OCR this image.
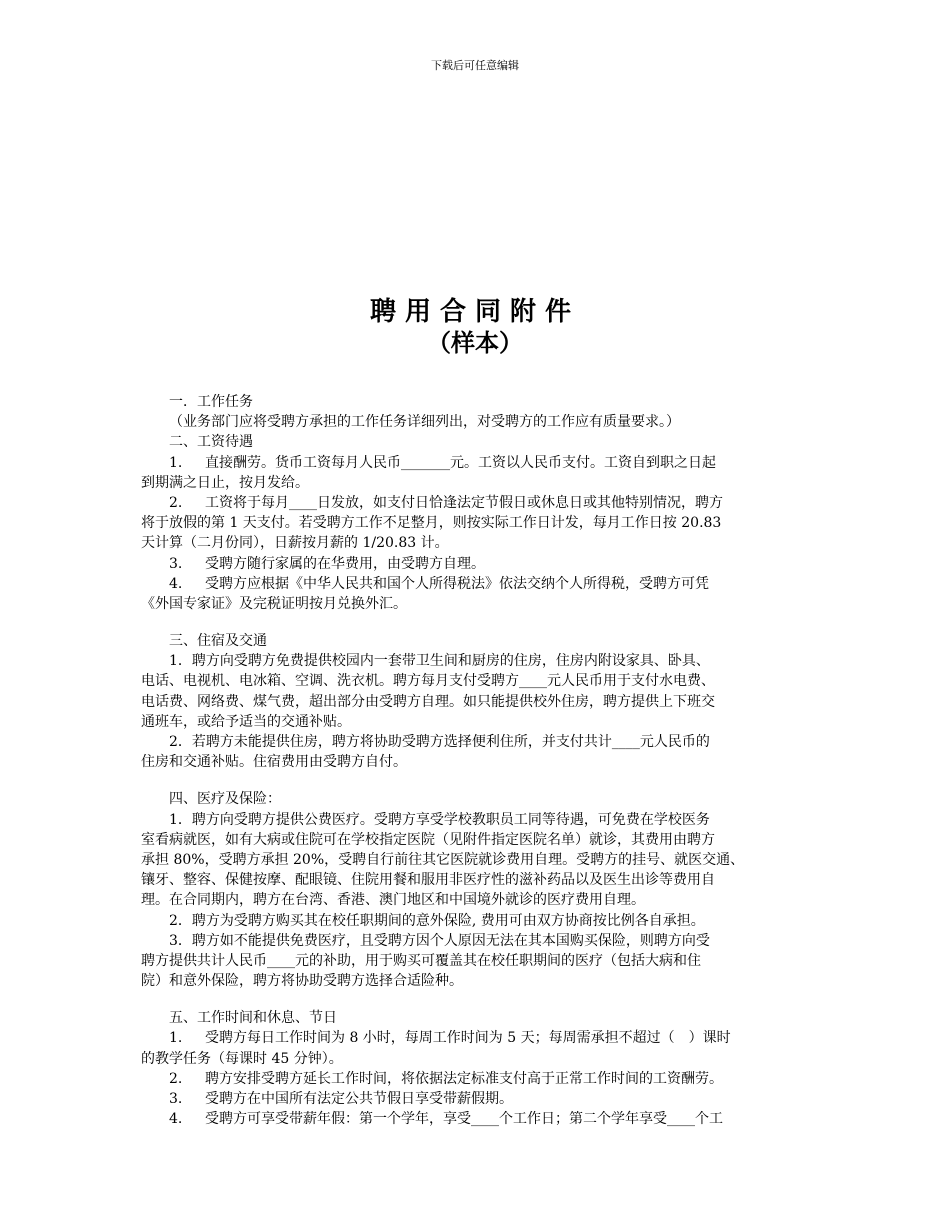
下载后可任意编辑
聘用合同附件
（样本）
一．工作任务
（业务部门应将受聘方承担的工作任务详细列出，对受聘方的工作应有质量要求。）
二、工资待遇
1. 直接酬劳。货币工资每月人民币_______元。工资以人民币支付。工资自到职之日起
到期满之日止，按月发给。
2. 工资将于每月____日发放，如支付日恰逢法定节假日或休息日或其他特别情况，聘方
将于放假的第 1 天支付。若受聘方工作不足整月，则按实际工作日计发，每月工作日按 20.83
天计算（二月份同），日薪按月薪的 1/20.83 计。
3. 受聘方随行家属的在华费用，由受聘方自理。
4. 受聘方应根据《中华人民共和国个人所得税法》依法交纳个人所得税，受聘方可凭
《外国专家证》及完税证明按月兑换外汇。
三、住宿及交通
1．聘方向受聘方免费提供校园内一套带卫生间和厨房的住房，住房内附设家具、卧具、
电话、电视机、电冰箱、空调、洗衣机。聘方每月支付受聘方____元人民币用于支付水电费、
电话费、网络费、煤气费，超出部分由受聘方自理。如只能提供校外住房，聘方提供上下班交
通班车，或给予适当的交通补贴。
2．若聘方未能提供住房，聘方将协助受聘方选择便利住所，并支付共计____元人民币的
住房和交通补贴。住宿费用由受聘方自付。
四、医疗及保险：
1．聘方向受聘方提供公费医疗。受聘方享受学校教职员工同等待遇，可免费在学校医务
室看病就医，如有大病或住院可在学校指定医院（见附件指定医院名单）就诊，其费用由聘方
承担 80%，受聘方承担 20%，受聘自行前往其它医院就诊费用自理。受聘方的挂号、就医交通、
镶牙、整容、保健按摩、配眼镜、住院用餐和服用非医疗性的滋补药品以及医生出诊等费用自
理。在合同期内，聘方在台湾、香港、澳门地区和中国境外就诊的医疗费用自理。
2．聘方为受聘方购买其在校任职期间的意外保险, 费用可由双方协商按比例各自承担。
3．聘方如不能提供免费医疗，且受聘方因个人原因无法在其本国购买保险，则聘方向受
聘方提供共计人民币____元的补助，用于购买可覆盖其在校任职期间的医疗（包括大病和住
院）和意外保险，聘方将协助受聘方选择合适险种。
五、工作时间和休息、节日
1. 受聘方每日工作时间为 8 小时，每周工作时间为 5 天；每周需承担不超过（　）课时
的教学任务（每课时 45 分钟）。
2. 聘方安排受聘方延长工作时间，将依据法定标准支付高于正常工作时间的工资酬劳。
3. 受聘方在中国所有法定公共节假日享受带薪假期。
4. 受聘方可享受带薪年假：第一个学年，享受____个工作日；第二个学年享受____个工
